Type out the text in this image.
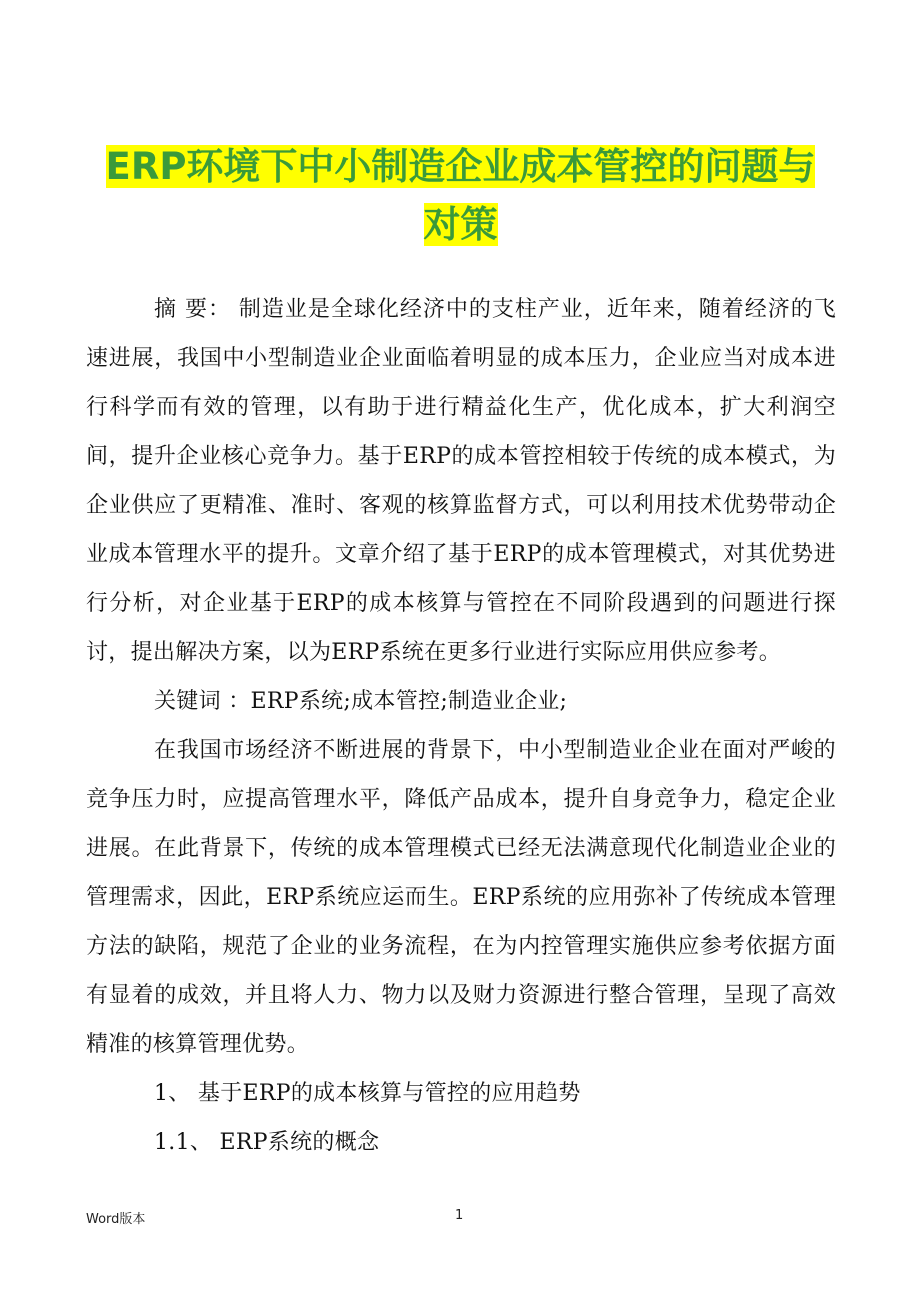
ERP环境下中小制造企业成本管控的问题与对策

摘 要： 制造业是全球化经济中的支柱产业，近年来，随着经济的飞速进展，我国中小型制造业企业面临着明显的成本压力，企业应当对成本进行科学而有效的管理，以有助于进行精益化生产，优化成本，扩大利润空间，提升企业核心竞争力。基于ERP的成本管控相较于传统的成本模式，为企业供应了更精准、准时、客观的核算监督方式，可以利用技术优势带动企业成本管理水平的提升。文章介绍了基于ERP的成本管理模式，对其优势进行分析，对企业基于ERP的成本核算与管控在不同阶段遇到的问题进行探讨，提出解决方案，以为ERP系统在更多行业进行实际应用供应参考。

关键词 ：ERP系统;成本管控;制造业企业;

在我国市场经济不断进展的背景下，中小型制造业企业在面对严峻的竞争压力时，应提高管理水平，降低产品成本，提升自身竞争力，稳定企业进展。在此背景下，传统的成本管理模式已经无法满意现代化制造业企业的管理需求，因此，ERP系统应运而生。ERP系统的应用弥补了传统成本管理方法的缺陷，规范了企业的业务流程，在为内控管理实施供应参考依据方面有显着的成效，并且将人力、物力以及财力资源进行整合管理，呈现了高效精准的核算管理优势。

1、 基于ERP的成本核算与管控的应用趋势

1.1、 ERP系统的概念

Word版本	1
